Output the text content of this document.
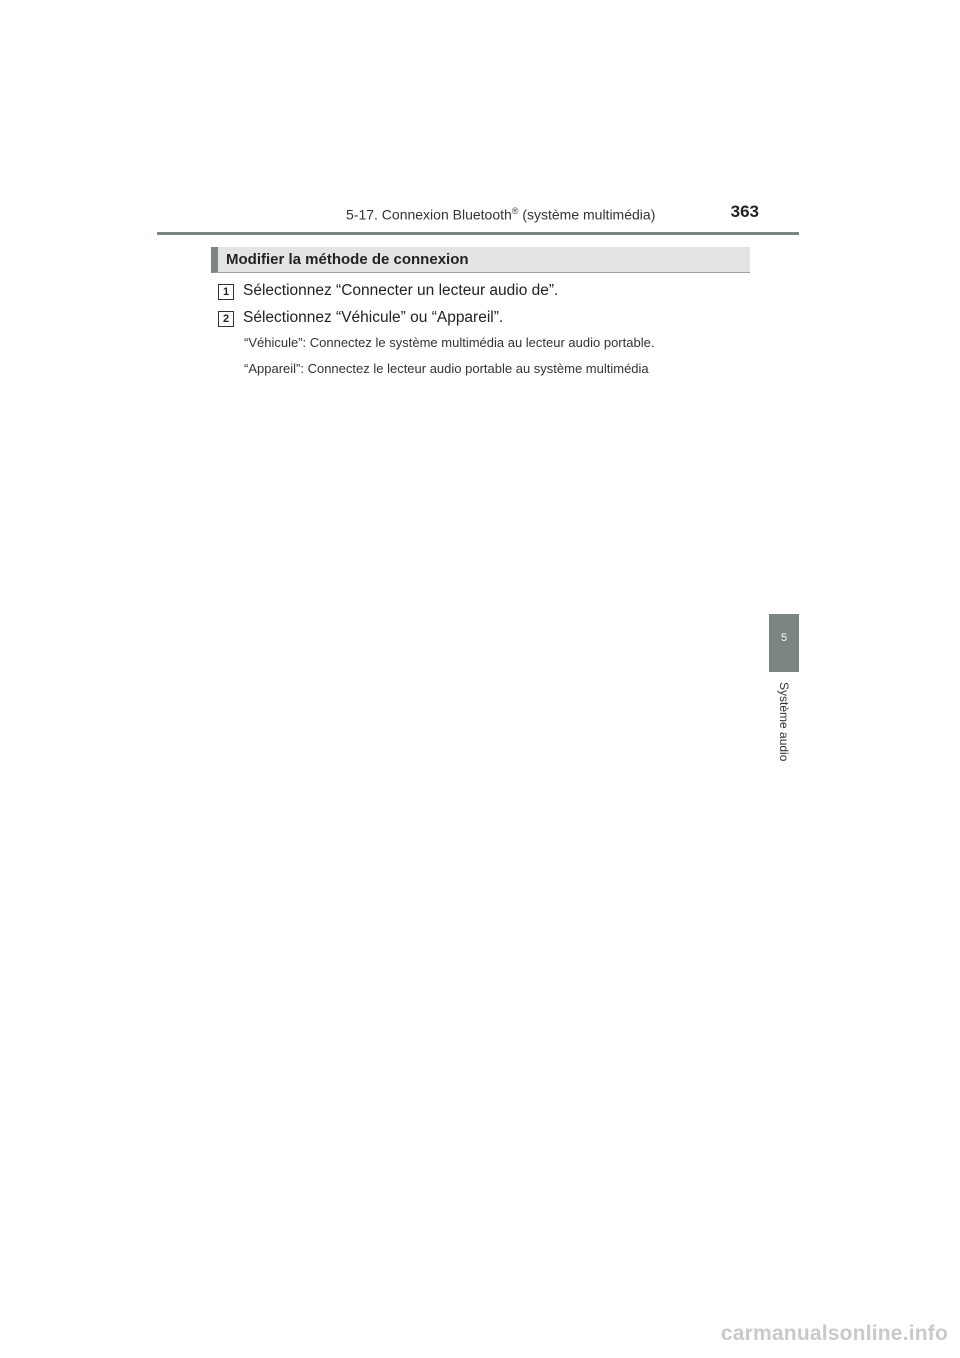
5-17. Connexion Bluetooth® (système multimédia)	363
Modifier la méthode de connexion
1 Sélectionnez “Connecter un lecteur audio de”.
2 Sélectionnez “Véhicule” ou “Appareil”.
“Véhicule”: Connectez le système multimédia au lecteur audio portable.
“Appareil”: Connectez le lecteur audio portable au système multimédia
5
Système audio
carmanualsonline.info
